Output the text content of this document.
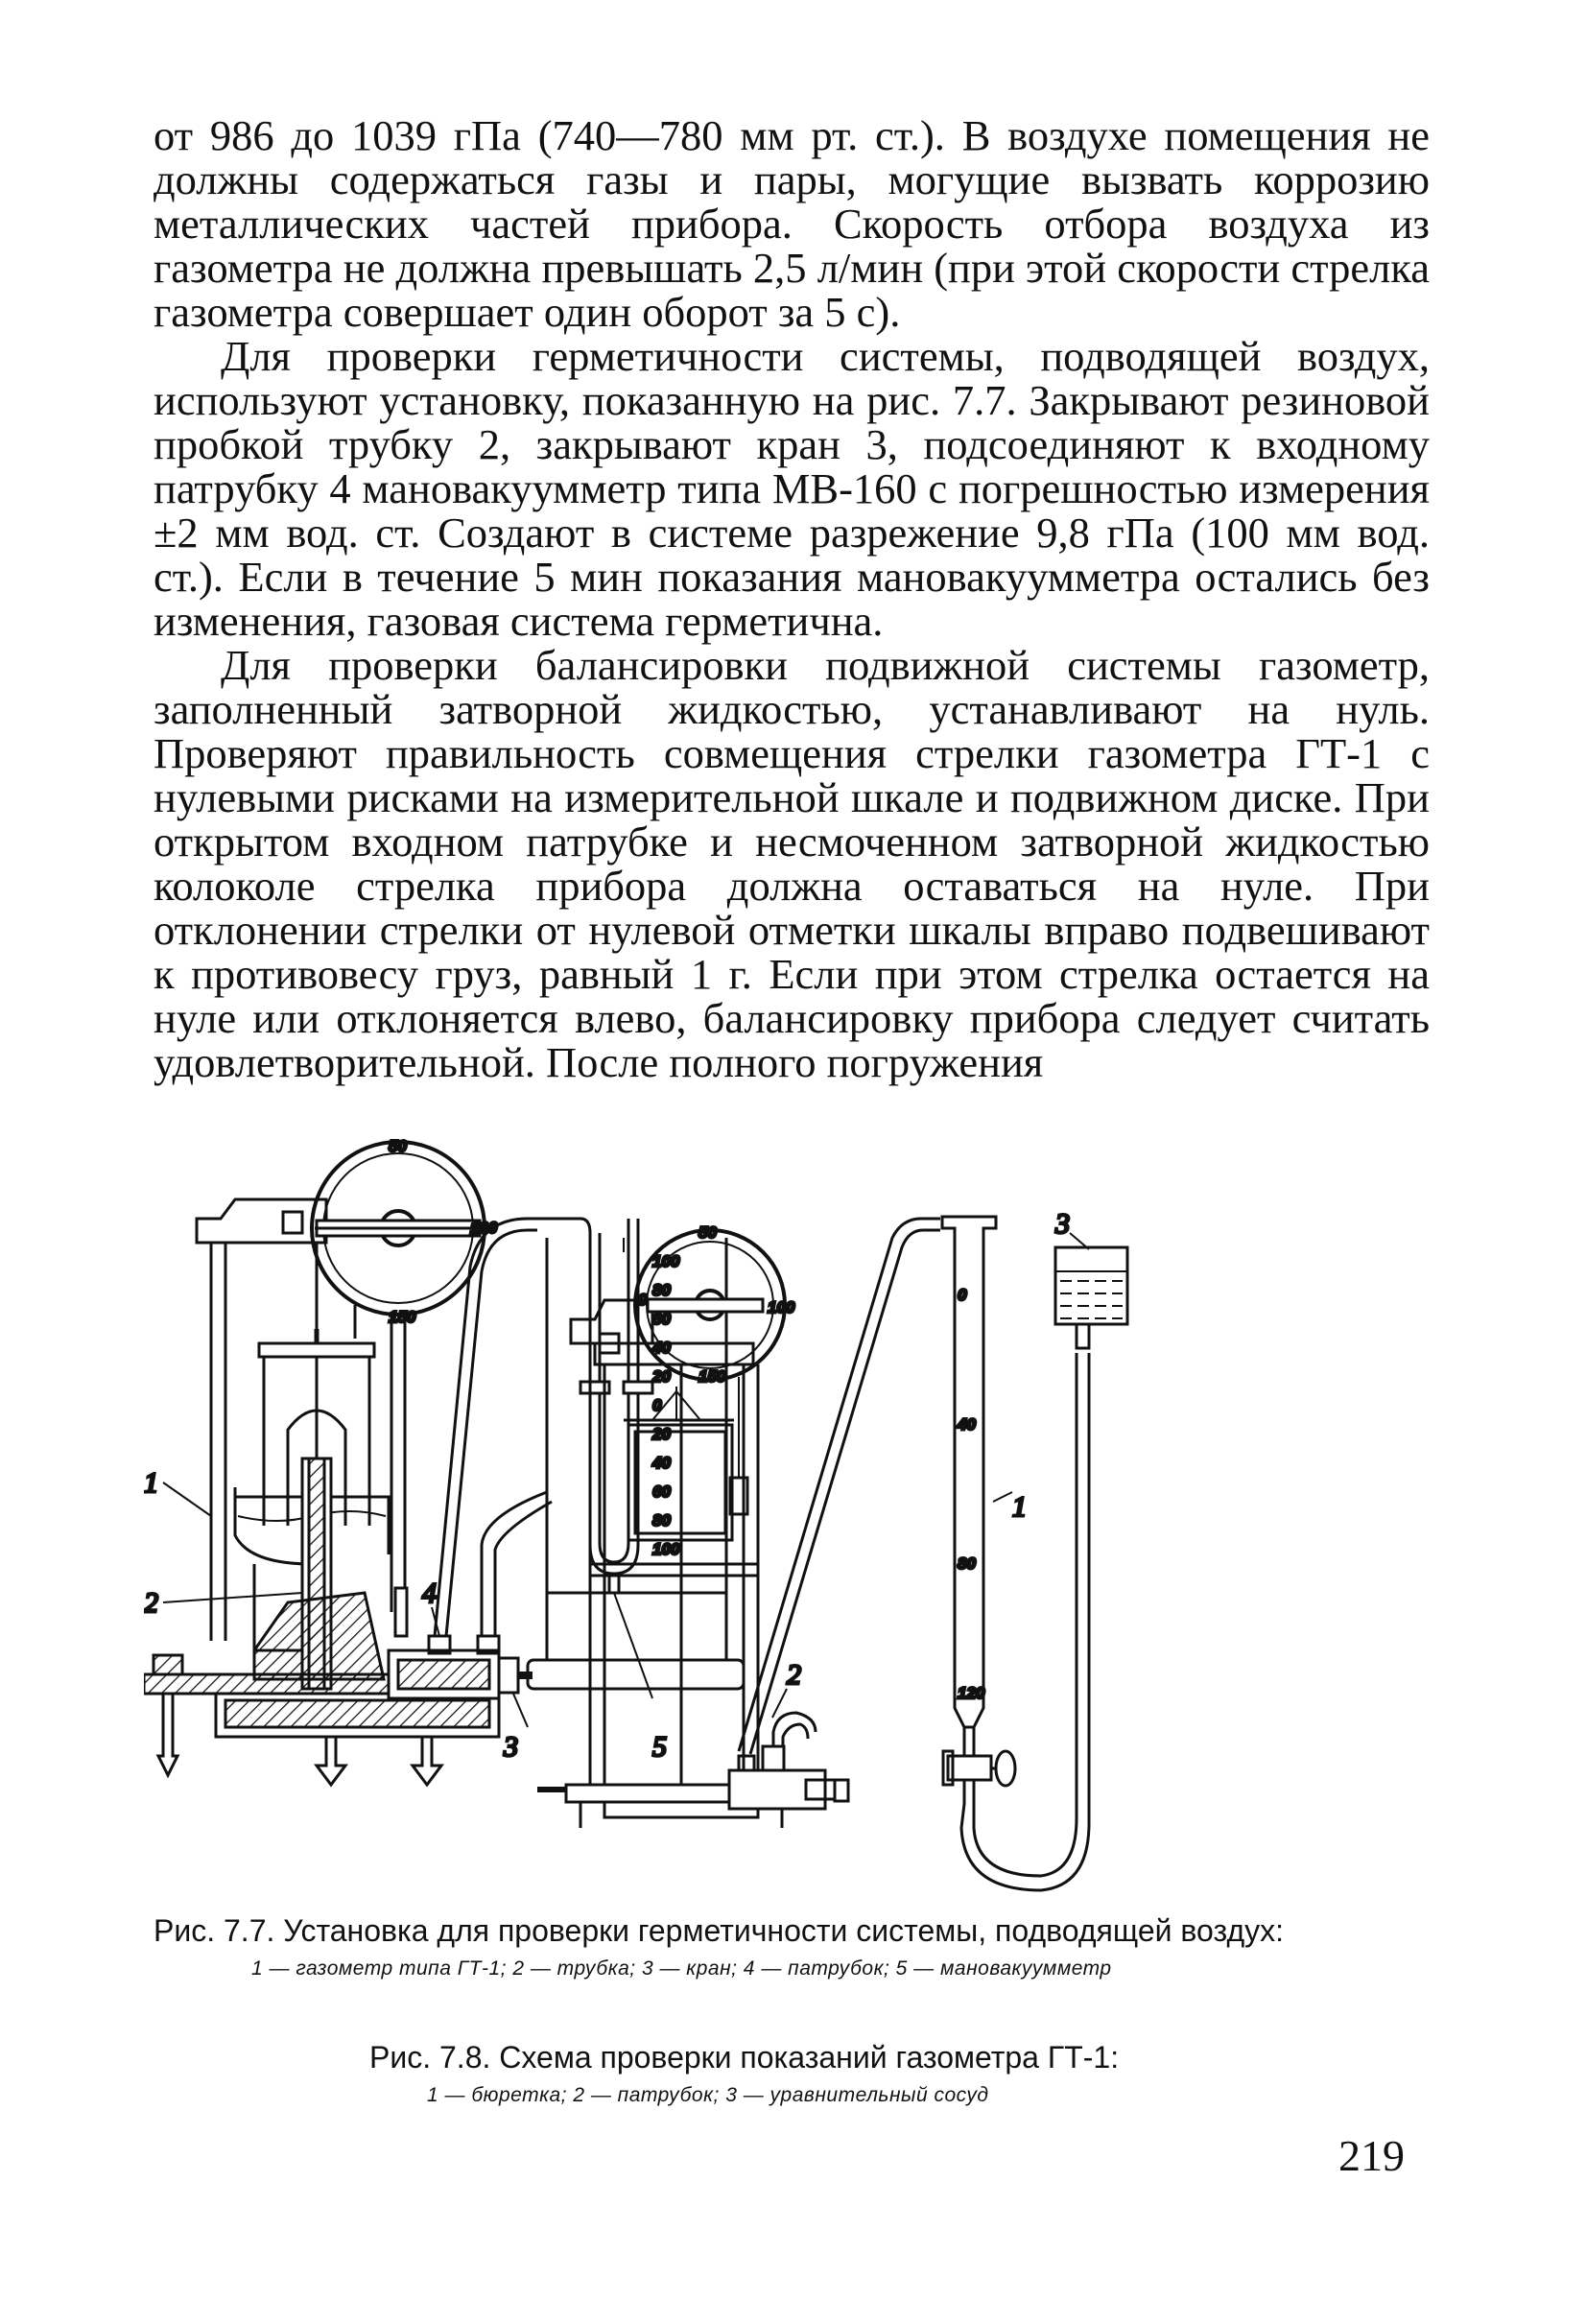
от 986 до 1039 гПа (740—780 мм рт. ст.). В воздухе помещения не должны содержаться газы и пары, могущие вызвать коррозию металлических частей прибора. Скорость отбора воздуха из газометра не должна превышать 2,5 л/мин (при этой скорости стрелка газометра совершает один оборот за 5 с).

Для проверки герметичности системы, подводящей воздух, используют установку, показанную на рис. 7.7. Закрывают резиновой пробкой трубку 2, закрывают кран 3, подсоединяют к входному патрубку 4 мановакуумметр типа МВ-160 с погрешностью измерения ±2 мм вод. ст. Создают в системе разрежение 9,8 гПа (100 мм вод. ст.). Если в течение 5 мин показания мановакуумметра остались без изменения, газовая система герметична.

Для проверки балансировки подвижной системы газометр, заполненный затворной жидкостью, устанавливают на нуль. Проверяют правильность совмещения стрелки газометра ГТ-1 с нулевыми рисками на измерительной шкале и подвижном диске. При открытом входном патрубке и несмоченном затворной жидкостью колоколе стрелка прибора должна оставаться на нуле. При отклонении стрелки от нулевой отметки шкалы вправо подвешивают к противовесу груз, равный 1 г. Если при этом стрелка остается на нуле или отклоняется влево, балансировку прибора следует считать удовлетворительной. После полного погружения

1
2
3
4
5
50
100
150
100
80
60
40
20
0
20
40
60
80
100
1
2
3
50
0	100
150
0
40
80
120
Рис. 7.7. Установка для проверки герметичности системы, подводящей воздух:
1 — газометр типа ГТ-1; 2 — трубка; 3 — кран; 4 — патрубок; 5 — мановакуумметр
Рис. 7.8. Схема проверки показаний газометра ГТ-1:
1 — бюретка; 2 — патрубок; 3 — уравнительный сосуд
219
